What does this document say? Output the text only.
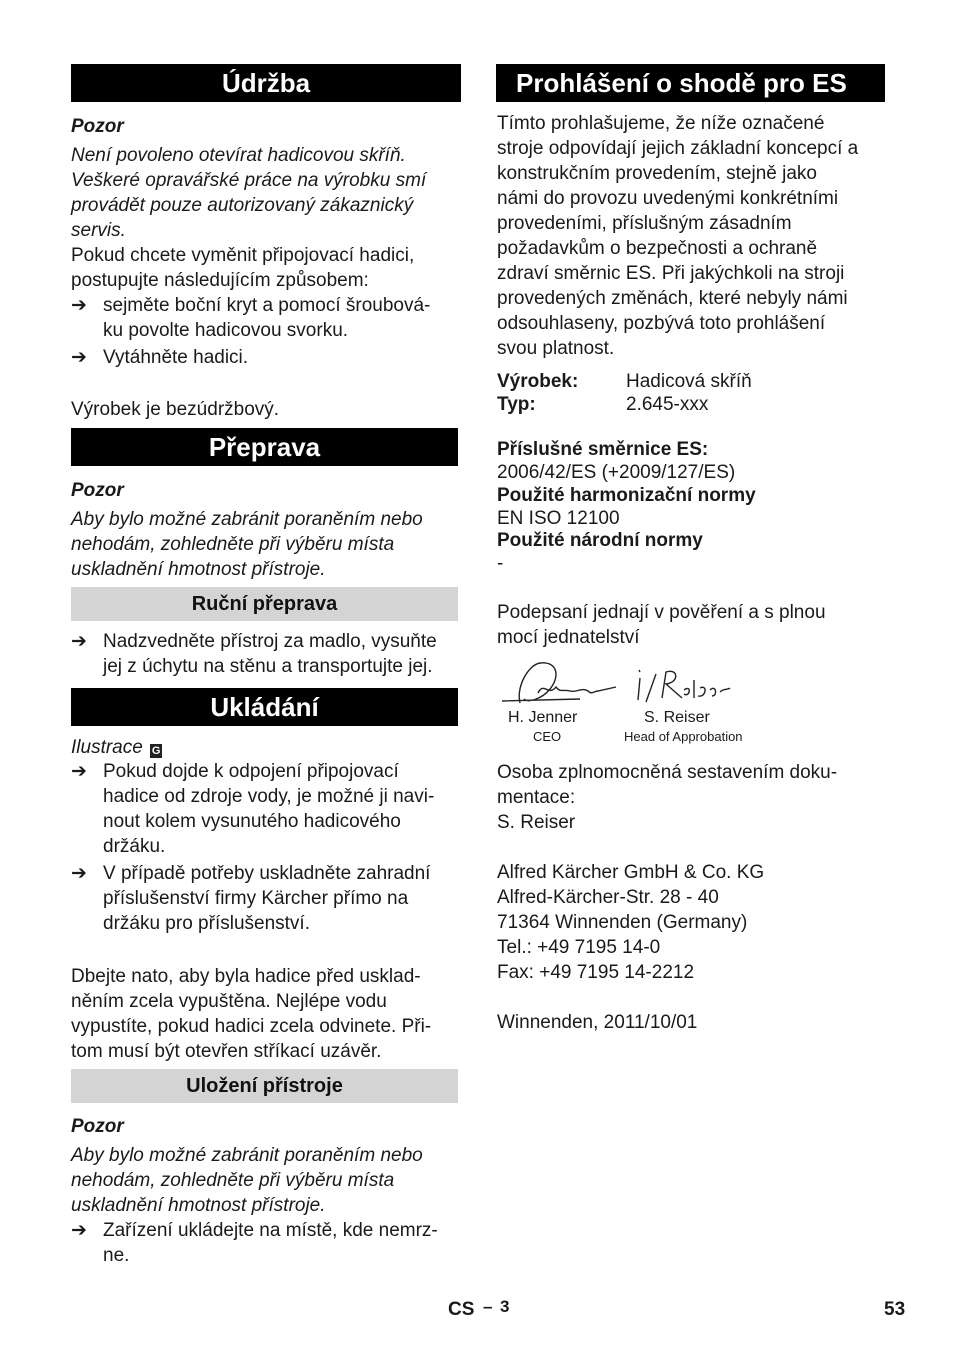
Údržba
Pozor
Není povoleno otevírat hadicovou skříň.
Veškeré opravářské práce na výrobku smí
provádět pouze autorizovaný zákaznický
servis.
Pokud chcete vyměnit připojovací hadici,
postupujte následujícím způsobem:
➔ sejměte boční kryt a pomocí šroubová-
ku povolte hadicovou svorku.
➔ Vytáhněte hadici.
Výrobek je bezúdržbový.
Přeprava
Pozor
Aby bylo možné zabránit poraněním nebo
nehodám, zohledněte při výběru místa
uskladnění hmotnost přístroje.
Ruční přeprava
➔ Nadzvedněte přístroj za madlo, vysuňte
jej z úchytu na stěnu a transportujte jej.
Ukládání
Ilustrace G
➔ Pokud dojde k odpojení připojovací
hadice od zdroje vody, je možné ji navi-
nout kolem vysunutého hadicového
držáku.
➔ V případě potřeby uskladněte zahradní
příslušenství firmy Kärcher přímo na
držáku pro příslušenství.
Dbejte nato, aby byla hadice před usklad-
něním zcela vypuštěna. Nejlépe vodu
vypustíte, pokud hadici zcela odvinete. Při-
tom musí být otevřen stříkací uzávěr.
Uložení přístroje
Pozor
Aby bylo možné zabránit poraněním nebo
nehodám, zohledněte při výběru místa
uskladnění hmotnost přístroje.
➔ Zařízení ukládejte na místě, kde nemrz-
ne.
Prohlášení o shodě pro ES
Tímto prohlašujeme, že níže označené
stroje odpovídají jejich základní koncepcí a
konstrukčním provedením, stejně jako
námi do provozu uvedenými konkrétními
provedeními, příslušným zásadním
požadavkům o bezpečnosti a ochraně
zdraví směrnic ES. Při jakýchkoli na stroji
provedených změnách, které nebyly námi
odsouhlaseny, pozbývá toto prohlášení
svou platnost.
Výrobek:	Hadicová skříň
Typ:	2.645-xxx
Příslušné směrnice ES:
2006/42/ES (+2009/127/ES)
Použité harmonizační normy
EN ISO 12100
Použité národní normy
-
Podepsaní jednají v pověření a s plnou
mocí jednatelství
H. Jenner
CEO
S. Reiser
Head of Approbation
Osoba zplnomocněná sestavením doku-
mentace:
S. Reiser
Alfred Kärcher GmbH & Co. KG
Alfred-Kärcher-Str. 28 - 40
71364 Winnenden (Germany)
Tel.: +49 7195 14-0
Fax: +49 7195 14-2212
Winnenden, 2011/10/01
CS – 3	53
